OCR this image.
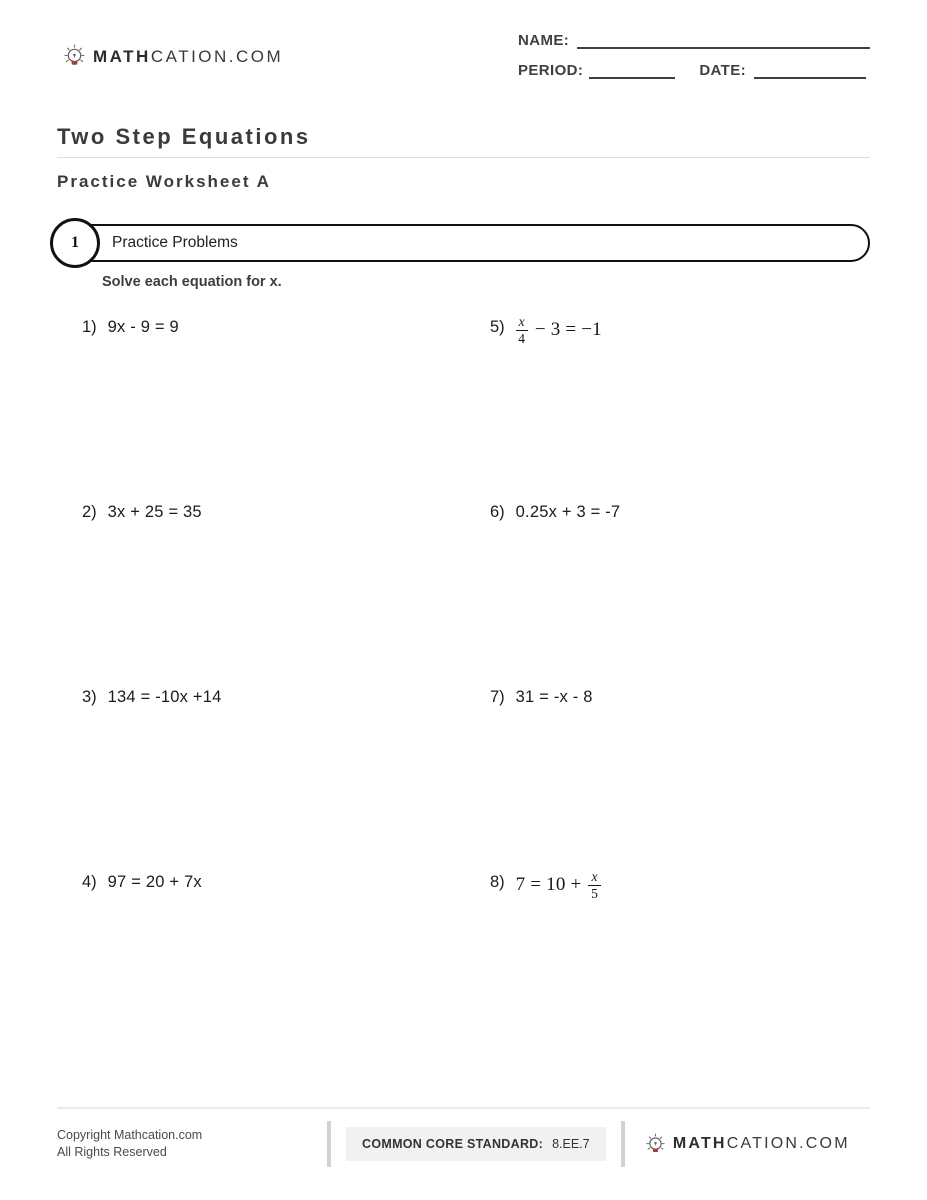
MATHCATION.COM
NAME:
PERIOD:	DATE:
Two Step Equations
Practice Worksheet A
Practice Problems
1
Solve each equation for x.
1) 9x - 9 = 9	$5) \frac{x}{4} - 3 = -1$
2) 3x + 25 = 35	6) 0.25x + 3 = -7
3) 134 = -10x +14	7) 31 = -x - 8
4) 97 = 20 + 7x	8) $7 = 10 + \frac{x}{5}$
Copyright Mathcation.com
All Rights Reserved
COMMON CORE STANDARD: 8.EE.7	MATHCATION.COM
